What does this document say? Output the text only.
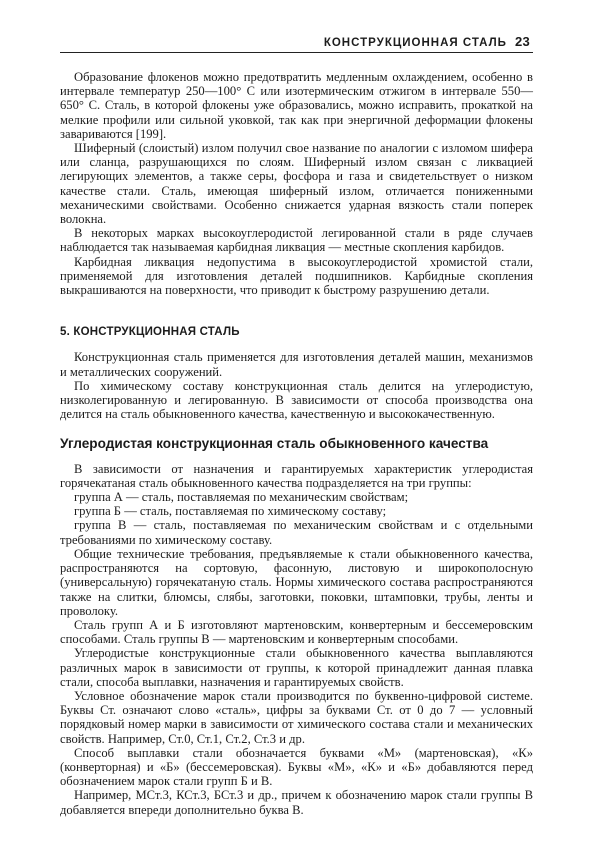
КОНСТРУКЦИОННАЯ СТАЛЬ 23

Образование флокенов можно предотвратить медленным охлаждением, особенно в интервале температур 250—100° С или изотермическим отжигом в интервале 550—650° С. Сталь, в которой флокены уже образовались, можно исправить, прокаткой на мелкие профили или сильной уковкой, так как при энергичной деформации флокены завариваются [199].

Шиферный (слоистый) излом получил свое название по аналогии с изломом шифера или сланца, разрушающихся по слоям. Шиферный излом связан с ликвацией легирующих элементов, а также серы, фосфора и газа и свидетельствует о низком качестве стали. Сталь, имеющая шиферный излом, отличается пониженными механическими свойствами. Особенно снижается ударная вязкость стали поперек волокна.

В некоторых марках высокоуглеродистой легированной стали в ряде случаев наблюдается так называемая карбидная ликвация — местные скопления карбидов.

Карбидная ликвация недопустима в высокоуглеродистой хромистой стали, применяемой для изготовления деталей подшипников. Карбидные скопления выкрашиваются на поверхности, что приводит к быстрому разрушению детали.

5. КОНСТРУКЦИОННАЯ СТАЛЬ

Конструкционная сталь применяется для изготовления деталей машин, механизмов и металлических сооружений.

По химическому составу конструкционная сталь делится на углеродистую, низколегированную и легированную. В зависимости от способа производства она делится на сталь обыкновенного качества, качественную и высококачественную.

Углеродистая конструкционная сталь обыкновенного качества

В зависимости от назначения и гарантируемых характеристик углеродистая горячекатаная сталь обыкновенного качества подразделяется на три группы:

группа А — сталь, поставляемая по механическим свойствам;

группа Б — сталь, поставляемая по химическому составу;

группа В — сталь, поставляемая по механическим свойствам и с отдельными требованиями по химическому составу.

Общие технические требования, предъявляемые к стали обыкновенного качества, распространяются на сортовую, фасонную, листовую и широкополосную (универсальную) горячекатаную сталь. Нормы химического состава распространяются также на слитки, блюмсы, слябы, заготовки, поковки, штамповки, трубы, ленты и проволоку.

Сталь групп А и Б изготовляют мартеновским, конвертерным и бессемеровским способами. Сталь группы В — мартеновским и конвертерным способами.

Углеродистые конструкционные стали обыкновенного качества выплавляются различных марок в зависимости от группы, к которой принадлежит данная плавка стали, способа выплавки, назначения и гарантируемых свойств.

Условное обозначение марок стали производится по буквенно-цифровой системе. Буквы Ст. означают слово «сталь», цифры за буквами Ст. от 0 до 7 — условный порядковый номер марки в зависимости от химического состава стали и механических свойств. Например, Ст.0, Ст.1, Ст.2, Ст.3 и др.

Способ выплавки стали обозначается буквами «М» (мартеновская), «К» (конверторная) и «Б» (бессемеровская). Буквы «М», «К» и «Б» добавляются перед обозначением марок стали групп Б и В.

Например, МСт.3, КСт.3, БСт.3 и др., причем к обозначению марок стали группы В добавляется впереди дополнительно буква В.
